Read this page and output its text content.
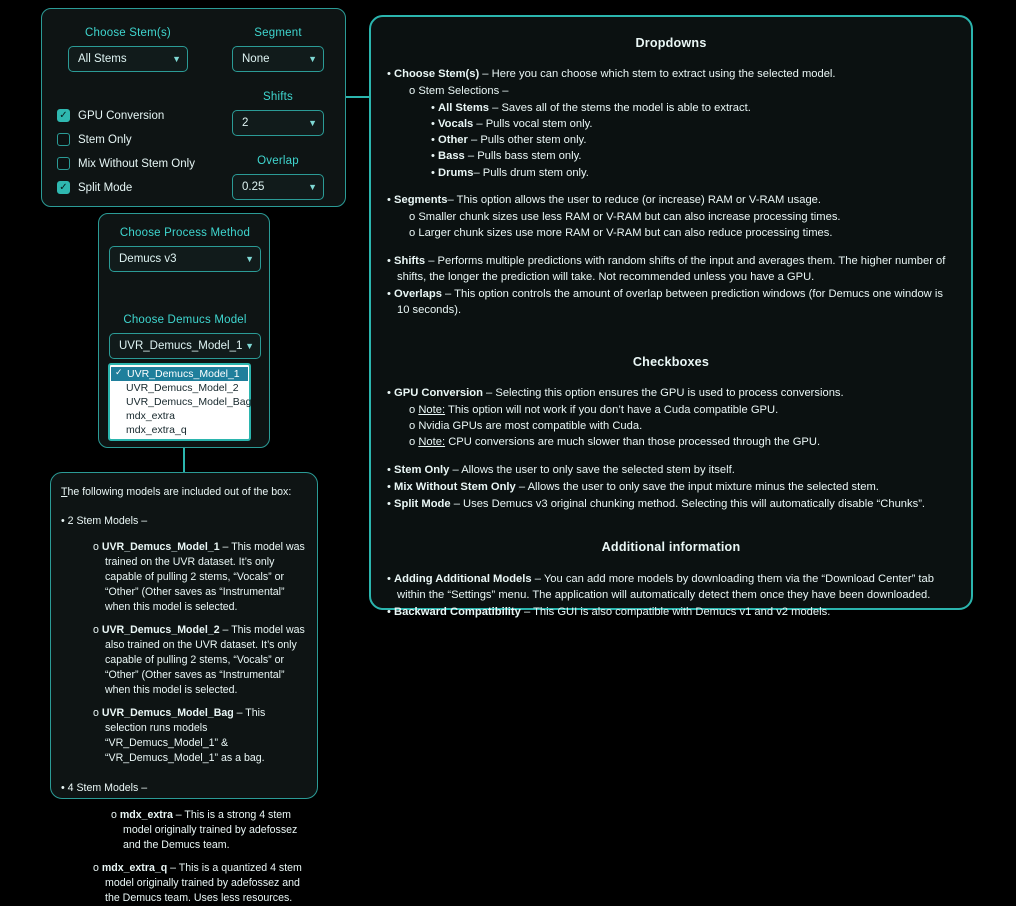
Choose Stem(s)
All Stems	▼
Segment
None	▼
Shifts
2	▼
Overlap
0.25	▼
✓ GPU Conversion
Stem Only
Mix Without Stem Only
✓ Split Mode
Choose Process Method
Demucs v3	▼
Choose Demucs Model
UVR_Demucs_Model_1 ▼
✓ UVR_Demucs_Model_1
UVR_Demucs_Model_2
UVR_Demucs_Model_Bag
mdx_extra
mdx_extra_q

The following models are included out of the box:

• 2 Stem Models –

o UVR_Demucs_Model_1 – This model was trained on the UVR dataset. It’s only capable of pulling 2 stems, “Vocals” or “Other” (Other saves as “Instrumental” when this model is selected.

o UVR_Demucs_Model_2 – This model was also trained on the UVR dataset. It’s only capable of pulling 2 stems, “Vocals” or “Other” (Other saves as “Instrumental” when this model is selected.

o UVR_Demucs_Model_Bag – This selection runs models “VR_Demucs_Model_1” & “VR_Demucs_Model_1” as a bag.

• 4 Stem Models –

o mdx_extra – This is a strong 4 stem model originally trained by adefossez and the Demucs team.

o mdx_extra_q – This is a quantized 4 stem model originally trained by adefossez and the Demucs team. Uses less resources.

Dropdowns
• Choose Stem(s) – Here you can choose which stem to extract using the selected model.
o Stem Selections –
• All Stems – Saves all of the stems the model is able to extract.
• Vocals – Pulls vocal stem only.
• Other – Pulls other stem only.
• Bass – Pulls bass stem only.
• Drums– Pulls drum stem only.
• Segments– This option allows the user to reduce (or increase) RAM or V-RAM usage.
o Smaller chunk sizes use less RAM or V-RAM but can also increase processing times.
o Larger chunk sizes use more RAM or V-RAM but can also reduce processing times.
• Shifts – Performs multiple predictions with random shifts of the input and averages them. The higher number of shifts, the longer the prediction will take. Not recommended unless you have a GPU.
• Overlaps – This option controls the amount of overlap between prediction windows (for Demucs one window is 10 seconds).
Checkboxes
• GPU Conversion – Selecting this option ensures the GPU is used to process conversions.
o Note: This option will not work if you don’t have a Cuda compatible GPU.
o Nvidia GPUs are most compatible with Cuda.
o Note: CPU conversions are much slower than those processed through the GPU.
• Stem Only – Allows the user to only save the selected stem by itself.
• Mix Without Stem Only – Allows the user to only save the input mixture minus the selected stem.
• Split Mode – Uses Demucs v3 original chunking method. Selecting this will automatically disable “Chunks”.
Additional information
• Adding Additional Models – You can add more models by downloading them via the “Download Center” tab within the “Settings” menu. The application will automatically detect them once they have been downloaded.
• Backward Compatibility – This GUI is also compatible with Demucs v1 and v2 models.
